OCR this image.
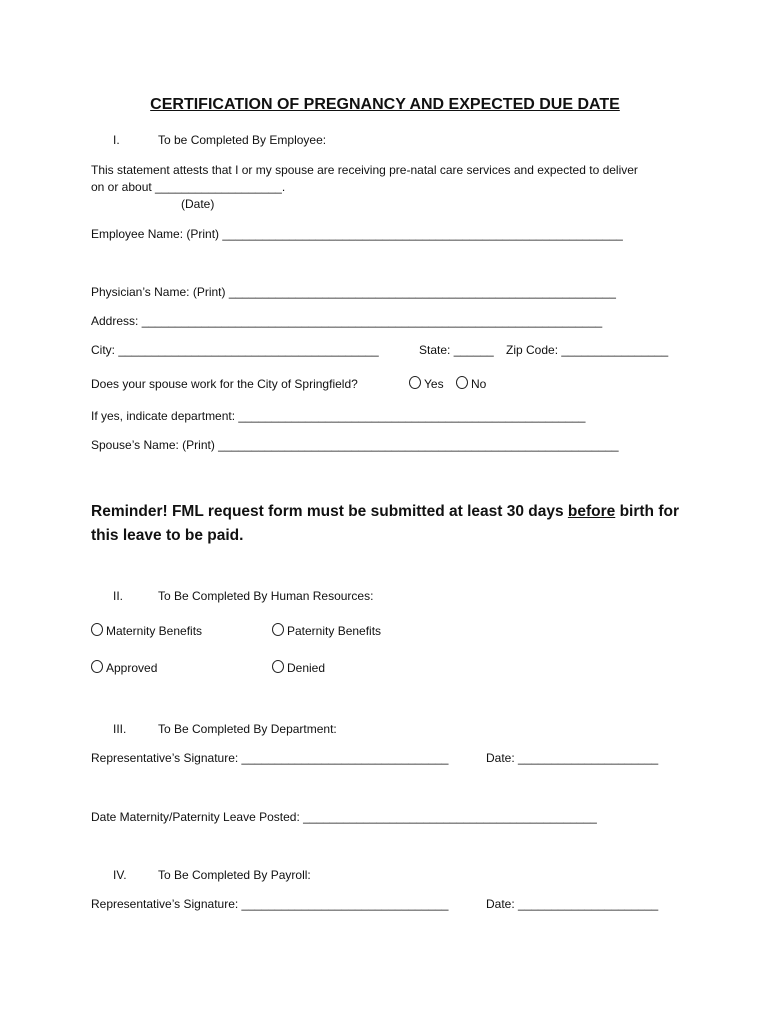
CERTIFICATION OF PREGNANCY AND EXPECTED DUE DATE
I.	To be Completed By Employee:
This statement attests that I or my spouse are receiving pre-natal care services and expected to deliver
on or about ___________________.
(Date)
Employee Name: (Print) ____________________________________________________________
Physician’s Name: (Print) __________________________________________________________
Address: _____________________________________________________________________
City: _______________________________________	State: ______ Zip Code: ________________
Does your spouse work for the City of Springfield?	Yes	No
If yes, indicate department: ____________________________________________________
Spouse’s Name: (Print) ____________________________________________________________
Reminder! FML request form must be submitted at least 30 days before birth for
this leave to be paid.
II.	To Be Completed By Human Resources:
Maternity Benefits	Paternity Benefits
Approved	Denied
III.	To Be Completed By Department:
Representative’s Signature: _______________________________	Date: _____________________
Date Maternity/Paternity Leave Posted: ____________________________________________
IV.	To Be Completed By Payroll:
Representative’s Signature: _______________________________	Date: _____________________
